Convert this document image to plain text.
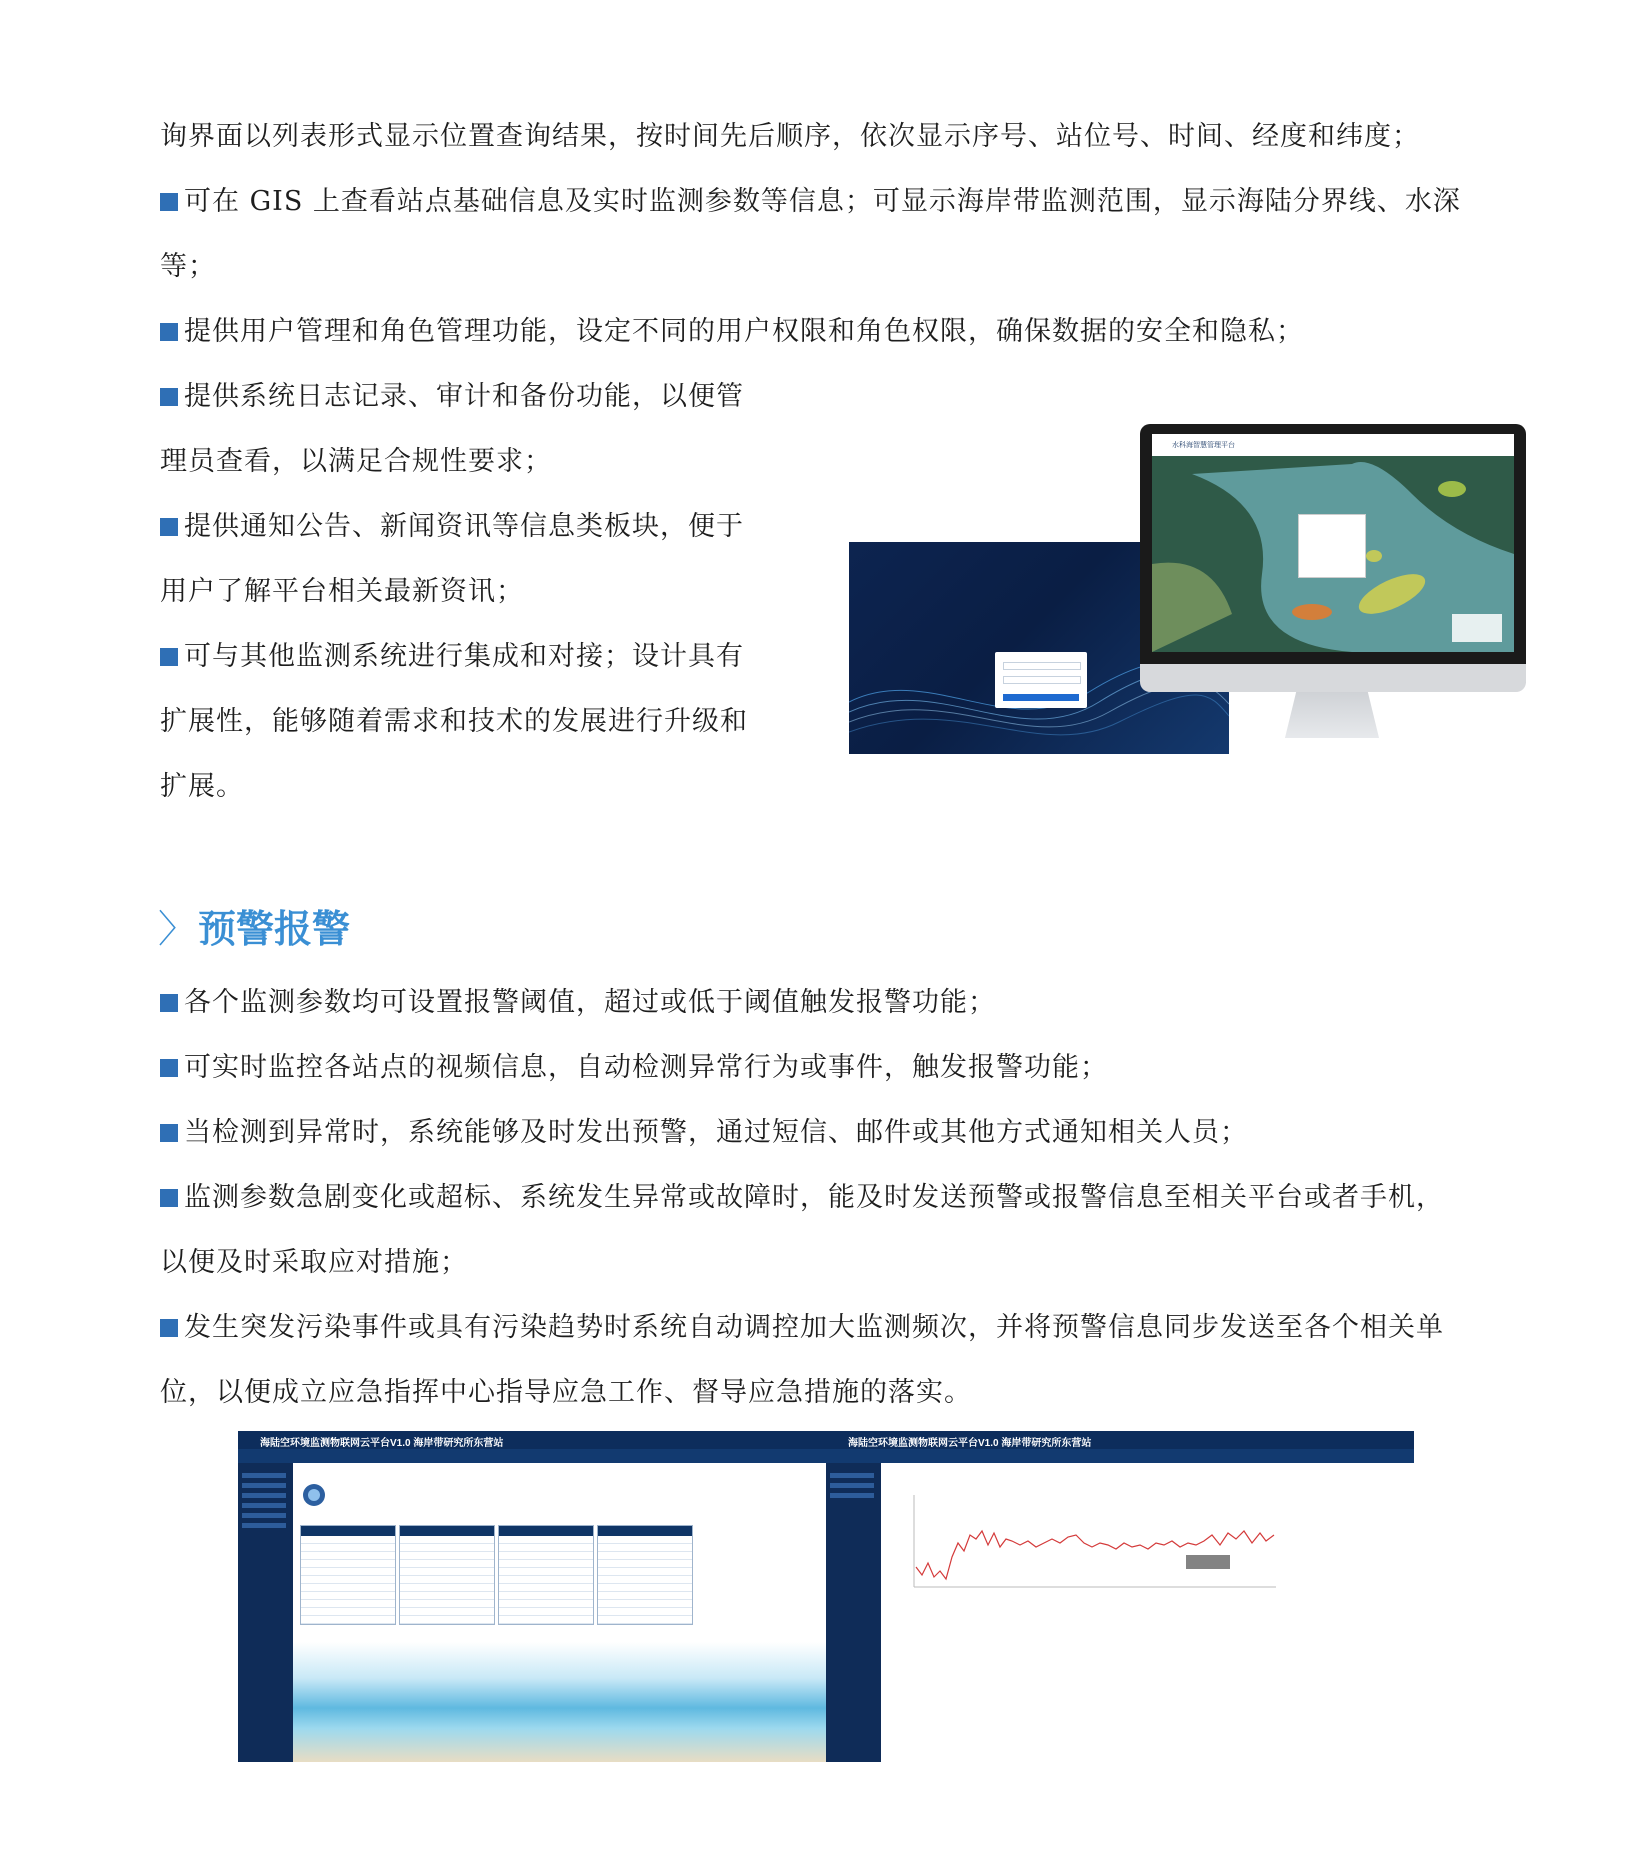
询界面以列表形式显示位置查询结果，按时间先后顺序，依次显示序号、站位号、时间、经度和纬度；
可在 GIS 上查看站点基础信息及实时监测参数等信息；可显示海岸带监测范围，显示海陆分界线、水深
等；
提供用户管理和角色管理功能，设定不同的用户权限和角色权限，确保数据的安全和隐私；
提供系统日志记录、审计和备份功能，以便管
理员查看，以满足合规性要求；
提供通知公告、新闻资讯等信息类板块，便于
用户了解平台相关最新资讯；
可与其他监测系统进行集成和对接；设计具有
扩展性，能够随着需求和技术的发展进行升级和
扩展。
水科海智慧管理平台
〉预警报警
各个监测参数均可设置报警阈值，超过或低于阈值触发报警功能；
可实时监控各站点的视频信息，自动检测异常行为或事件，触发报警功能；
当检测到异常时，系统能够及时发出预警，通过短信、邮件或其他方式通知相关人员；
监测参数急剧变化或超标、系统发生异常或故障时，能及时发送预警或报警信息至相关平台或者手机，
以便及时采取应对措施；
发生突发污染事件或具有污染趋势时系统自动调控加大监测频次，并将预警信息同步发送至各个相关单
位，以便成立应急指挥中心指导应急工作、督导应急措施的落实。
海陆空环境监测物联网云平台V1.0 海岸带研究所东营站	海陆空环境监测物联网云平台V1.0 海岸带研究所东营站
